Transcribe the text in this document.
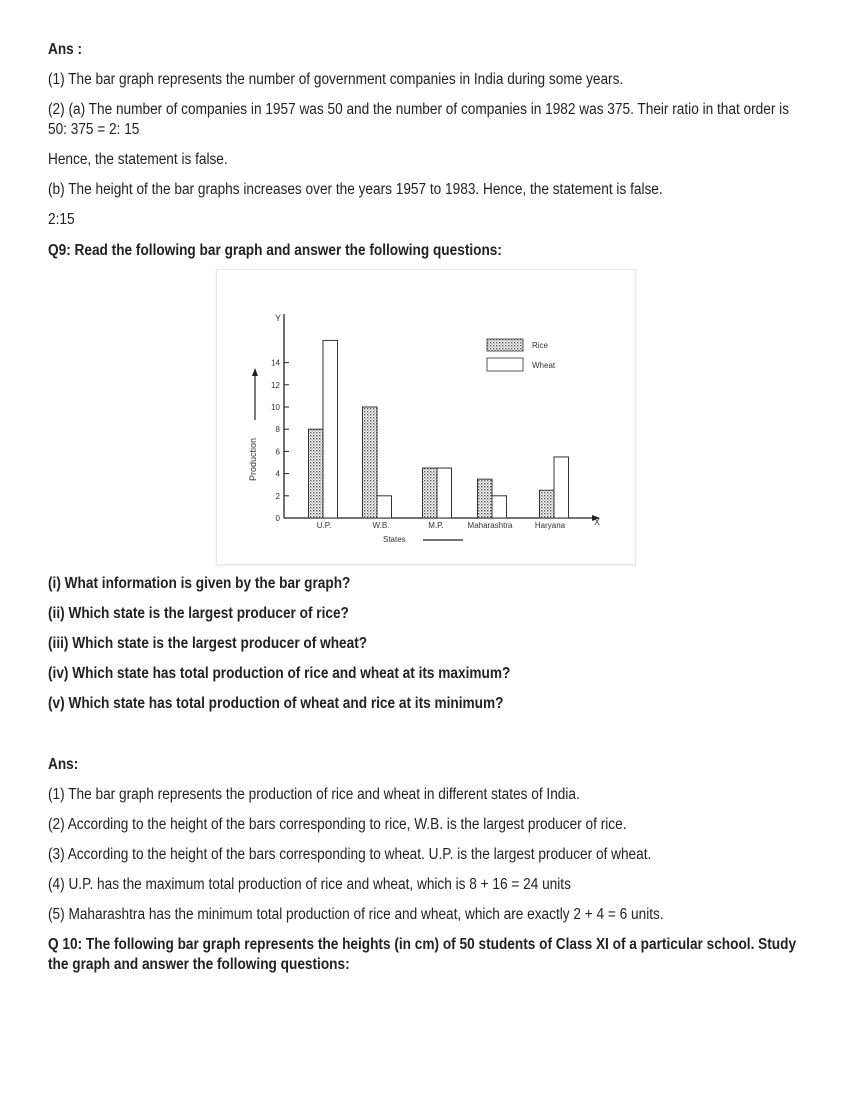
Ans :
(1) The bar graph represents the number of government companies in India during some years.
(2) (a) The number of companies in 1957 was 50 and the number of companies in 1982 was 375. Their ratio in that order is 50: 375 = 2: 15
Hence, the statement is false.
(b) The height of the bar graphs increases over the years 1957 to 1983. Hence, the statement is false.
2:15
Q9: Read the following bar graph and answer the following questions:
Y
X
Production
States
0
2
4
6
8
10
12
14
U.P.	W.B.	M.P.	Maharashtra	Haryana
Rice
Wheat
(i) What information is given by the bar graph?
(ii) Which state is the largest producer of rice?
(iii) Which state is the largest producer of wheat?
(iv) Which state has total production of rice and wheat at its maximum?
(v) Which state has total production of wheat and rice at its minimum?
Ans:
(1) The bar graph represents the production of rice and wheat in different states of India.
(2) According to the height of the bars corresponding to rice, W.B. is the largest producer of rice.
(3) According to the height of the bars corresponding to wheat. U.P. is the largest producer of wheat.
(4) U.P. has the maximum total production of rice and wheat, which is 8 + 16 = 24 units
(5) Maharashtra has the minimum total production of rice and wheat, which are exactly 2 + 4 = 6 units.
Q 10: The following bar graph represents the heights (in cm) of 50 students of Class XI of a particular school. Study the graph and answer the following questions:
